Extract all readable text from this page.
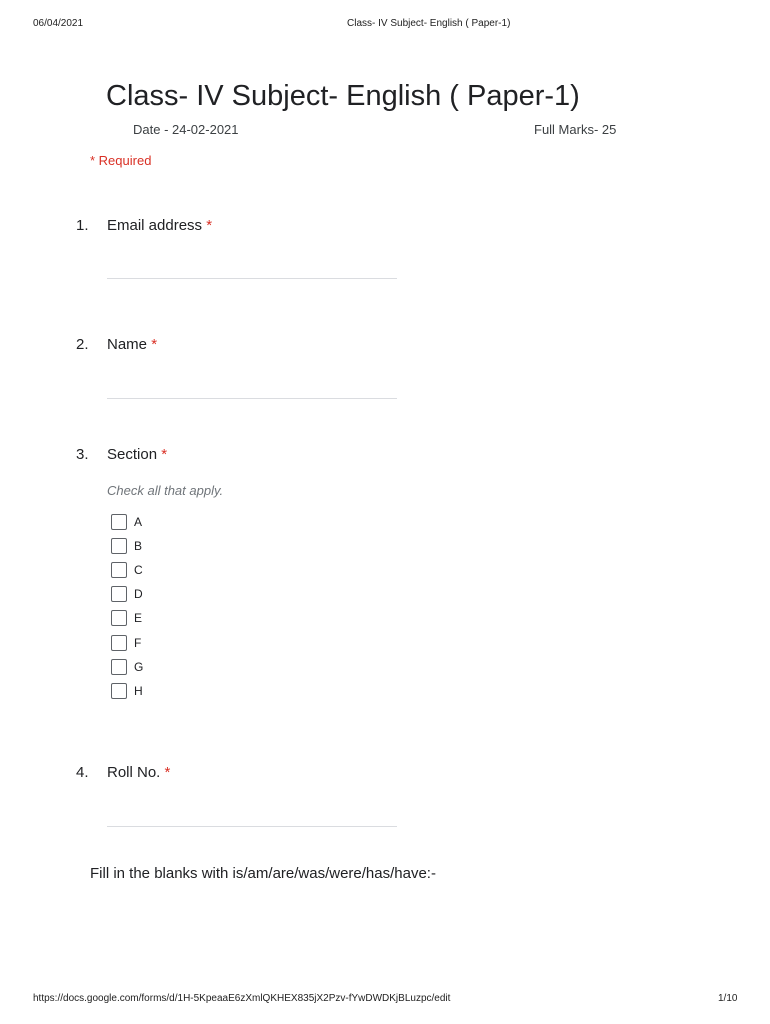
06/04/2021	Class- IV Subject- English ( Paper-1)
Class- IV Subject- English ( Paper-1)
Date - 24-02-2021	Full Marks- 25
* Required
1. Email address *
2. Name *
3. Section *
Check all that apply.
A
B
C
D
E
F
G
H
4. Roll No. *
Fill in the blanks with is/am/are/was/were/has/have:-
https://docs.google.com/forms/d/1H-5KpeaaE6zXmlQKHEX835jX2Pzv-fYwDWDKjBLuzpc/edit	1/10
